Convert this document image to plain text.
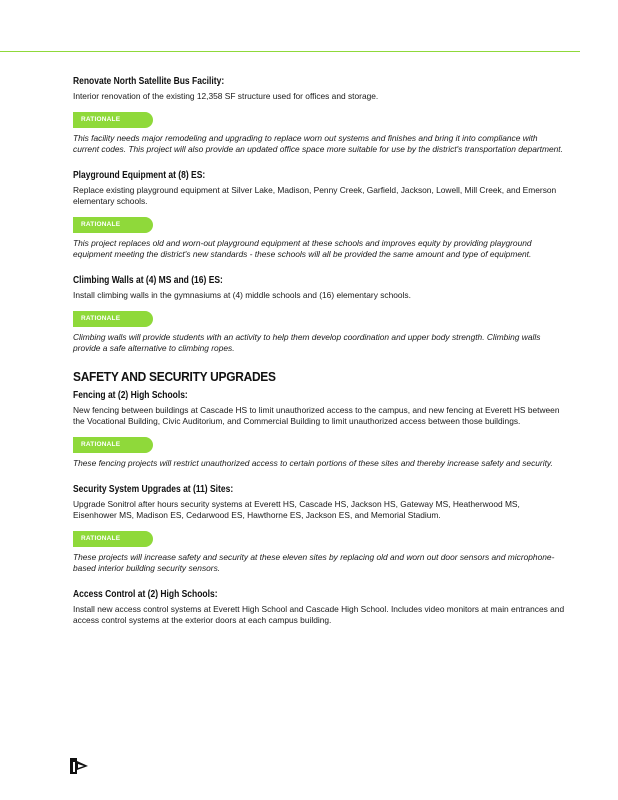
Renovate North Satellite Bus Facility:
Interior renovation of the existing 12,358 SF structure used for offices and storage.
RATIONALE
This facility needs major remodeling and upgrading to replace worn out systems and finishes and bring it into compliance with current codes. This project will also provide an updated office space more suitable for use by the district's transportation department.
Playground Equipment at (8) ES:
Replace existing playground equipment at Silver Lake, Madison, Penny Creek, Garfield, Jackson, Lowell, Mill Creek, and Emerson elementary schools.
RATIONALE
This project replaces old and worn-out playground equipment at these schools and improves equity by providing playground equipment meeting the district's new standards - these schools will all be provided the same amount and type of equipment.
Climbing Walls at (4) MS and (16) ES:
Install climbing walls in the gymnasiums at (4) middle schools and (16) elementary schools.
RATIONALE
Climbing walls will provide students with an activity to help them develop coordination and upper body strength. Climbing walls provide a safe alternative to climbing ropes.
SAFETY AND SECURITY UPGRADES
Fencing at (2) High Schools:
New fencing between buildings at Cascade HS to limit unauthorized access to the campus, and new fencing at Everett HS between the Vocational Building, Civic Auditorium, and Commercial Building to limit unauthorized access between those buildings.
RATIONALE
These fencing projects will restrict unauthorized access to certain portions of these sites and thereby increase safety and security.
Security System Upgrades at (11) Sites:
Upgrade Sonitrol after hours security systems at Everett HS, Cascade HS, Jackson HS, Gateway MS, Heatherwood MS, Eisenhower MS, Madison ES, Cedarwood ES, Hawthorne ES, Jackson ES, and Memorial Stadium.
RATIONALE
These projects will increase safety and security at these eleven sites by replacing old and worn out door sensors and microphone-based interior building security sensors.
Access Control at (2) High Schools:
Install new access control systems at Everett High School and Cascade High School. Includes video monitors at main entrances and access control systems at the exterior doors at each campus building.
